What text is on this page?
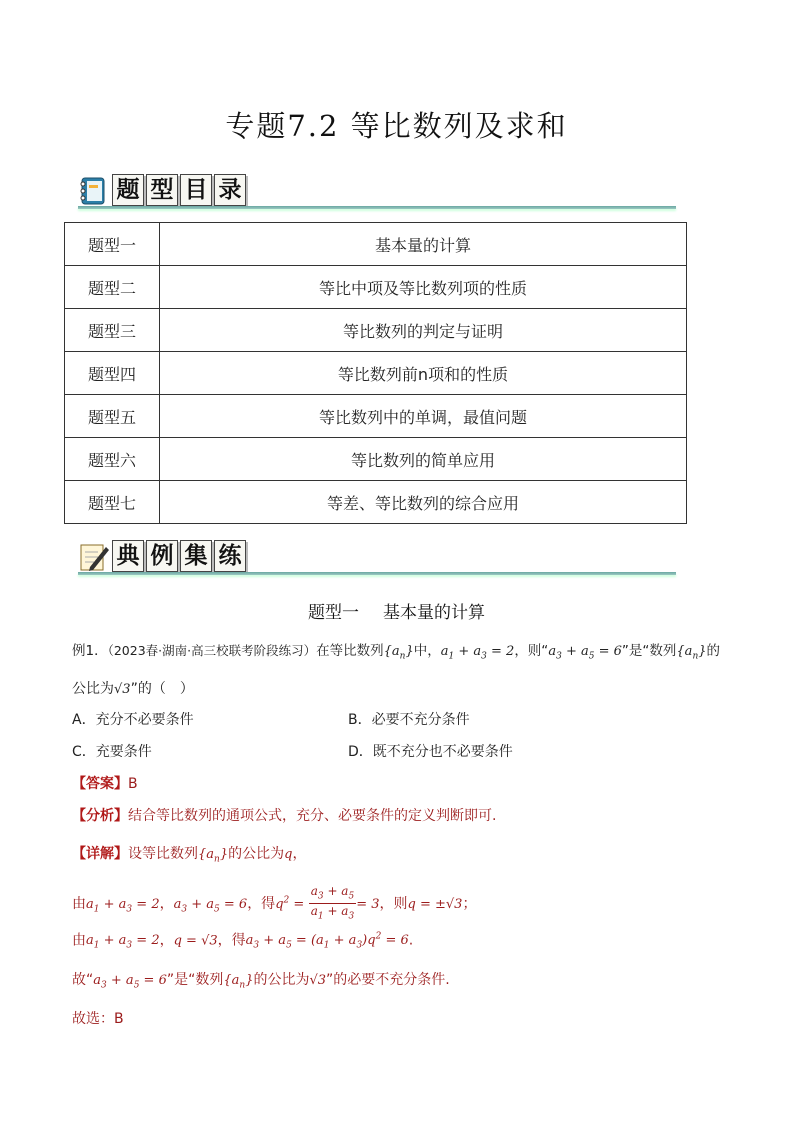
专题7.2 等比数列及求和
题 型 目 录
题型一	基本量的计算
题型二	等比中项及等比数列项的性质
题型三	等比数列的判定与证明
题型四	等比数列前n项和的性质
题型五	等比数列中的单调，最值问题
题型六	等比数列的简单应用
题型七	等差、等比数列的综合应用
典 例 集 练
题型一 基本量的计算
例1．（2023春·湖南·高三校联考阶段练习）在等比数列$\{a_n\}$中，$a_1 + a_3 = 2$，则“$a_3 + a_5 = 6$”是“数列$\{a_n\}$的
公比为√3”的（　）
A．充分不必要条件	B．必要不充分条件
C．充要条件	D．既不充分也不必要条件
【答案】B
【分析】结合等比数列的通项公式，充分、必要条件的定义判断即可.
【详解】设等比数列$\{a_n\}$的公比为q，
由$a_1 + a_3 = 2$，$a_3 + a_5 = 6$，得$q^2 = \frac{a_3 + a_5}{a_1 + a_3} = 3$，则q = ±√3；
由$a_1 + a_3 = 2$，q = √3，得$a_3 + a_5 = (a_1 + a_3)q^2 = 6$.
故“$a_3 + a_5 = 6$”是“数列$\{a_n\}$的公比为√3”的必要不充分条件.
故选：B
